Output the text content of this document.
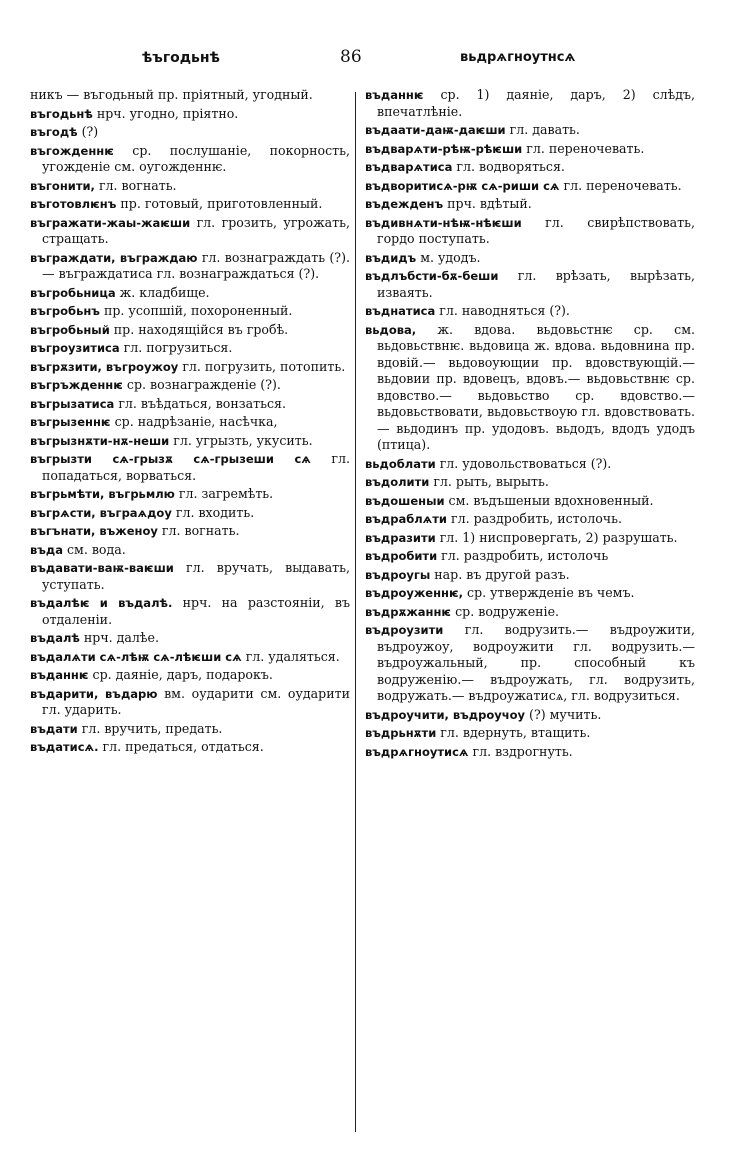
ѣъгодьнѣ	86	вьдрѧгноутнсѧ
никъ — въгодьный пр. пріятный, угодный.
въгодьнѣ нрч. угодно, пріятно.
въгодѣ (?)
въгожденнѥ ср. послушаніе, покорность, угожденіе см. оугожденнѥ.
въгонити, гл. вогнать.
въготовлѥнъ пр. готовый, приготовленный.
въгражати-жаы-жаѥши гл. грозить, угрожать, стращать.
въграждати, въграждаю гл. вознаграждать (?).— въграждатиса гл. вознаграждаться (?).
въгробьница ж. кладбище.
въгробьнъ пр. усопшій, похороненный.
въгробьный пр. находящійся въ гробѣ.
въгроузитиса гл. погрузиться.
въгрѫзити, въгроужоу гл. погрузить, потопить.
въгръжденнѥ ср. вознагражденіе (?).
въгрызатиса гл. въѣдаться, вонзаться.
въгрызеннѥ ср. надрѣзаніе, насѣчка,
въгрызнѫти-нѫ-неши гл. угрызть, укусить.
въгрызти сѧ-грызѫ сѧ-грызеши сѧ гл. попадаться, ворваться.
въгрьмѣти, въгрьмлю гл. загремѣть.
въгрѧсти, въграѧдоу гл. входить.
въгънати, въженоу гл. вогнать.
въда см. вода.
въдавати-ваѭ-ваѥши гл. вручать, выдавать, уступать.
въдалѣѥ и въдалѣ. нрч. на разстояніи, въ отдаленіи.
въдалѣ нрч. далѣе.
въдалѧти сѧ-лѣѭ сѧ-лѣѥши сѧ гл. удаляться.
въданнѥ ср. даяніе, даръ, подарокъ.
въдарити, въдарю вм. оударити см. оударити гл. ударить.
въдати гл. вручить, предать.
въдатисѧ. гл. предаться, отдаться.
въданнѥ ср. 1) даяніе, даръ, 2) слѣдъ, впечатлѣніе.
въдаати-даѭ-даѥши гл. давать.
въдварѧти-рѣѭ-рѣѥши гл. переночевать.
въдварѧтиса гл. водворяться.
въдворитисѧ-рѭ сѧ-риши сѧ гл. переночевать.
въдежденъ прч. вдѣтый.
въдивнѧти-нѣѭ-нѣѥши гл. свирѣпствовать, гордо поступать.
въдидъ м. удодъ.
въдлъбсти-бѫ-беши гл. врѣзать, вырѣзать, изваять.
въднатиса гл. наводняться (?).
вьдова, ж. вдова. вьдовьстнѥ ср. см. вьдовьствнѥ. вьдовица ж. вдова. вьдовнина пр. вдовій.— вьдовоующии пр. вдовствующій.— вьдовии пр. вдовецъ, вдовъ.— вьдовьствнѥ ср. вдовство.— вьдовьство ср. вдовство.— вьдовьствовати, вьдовьствоую гл. вдовствовать.— вьдодинъ пр. удодовъ. вьдодъ, вдодъ удодъ (птица).
вьдоблати гл. удовольствоваться (?).
въдолити гл. рыть, вырыть.
въдошеныи см. въдъшеныи вдохновенный.
въдраблѧти гл. раздробить, истолочь.
въдразити гл. 1) ниспровергать, 2) разрушать.
въдробити гл. раздробить, истолочь
въдроугы нар. въ другой разъ.
въдроуженнѥ, ср. утвержденіе въ чемъ.
въдрѫжаннѥ ср. водруженіе.
въдроузити гл. водрузить.— въдроужити, въдроужоу, водроужити гл. водрузить.— въдроужальный, пр. способный къ водруженію.— въдроужать, гл. водрузить, водружать.— въдроужатисѧ, гл. водрузиться.
въдроучити, въдроучоу (?) мучить.
въдрьнѫти гл. вдернуть, втащить.
въдрѧгноутисѧ гл. вздрогнуть.
